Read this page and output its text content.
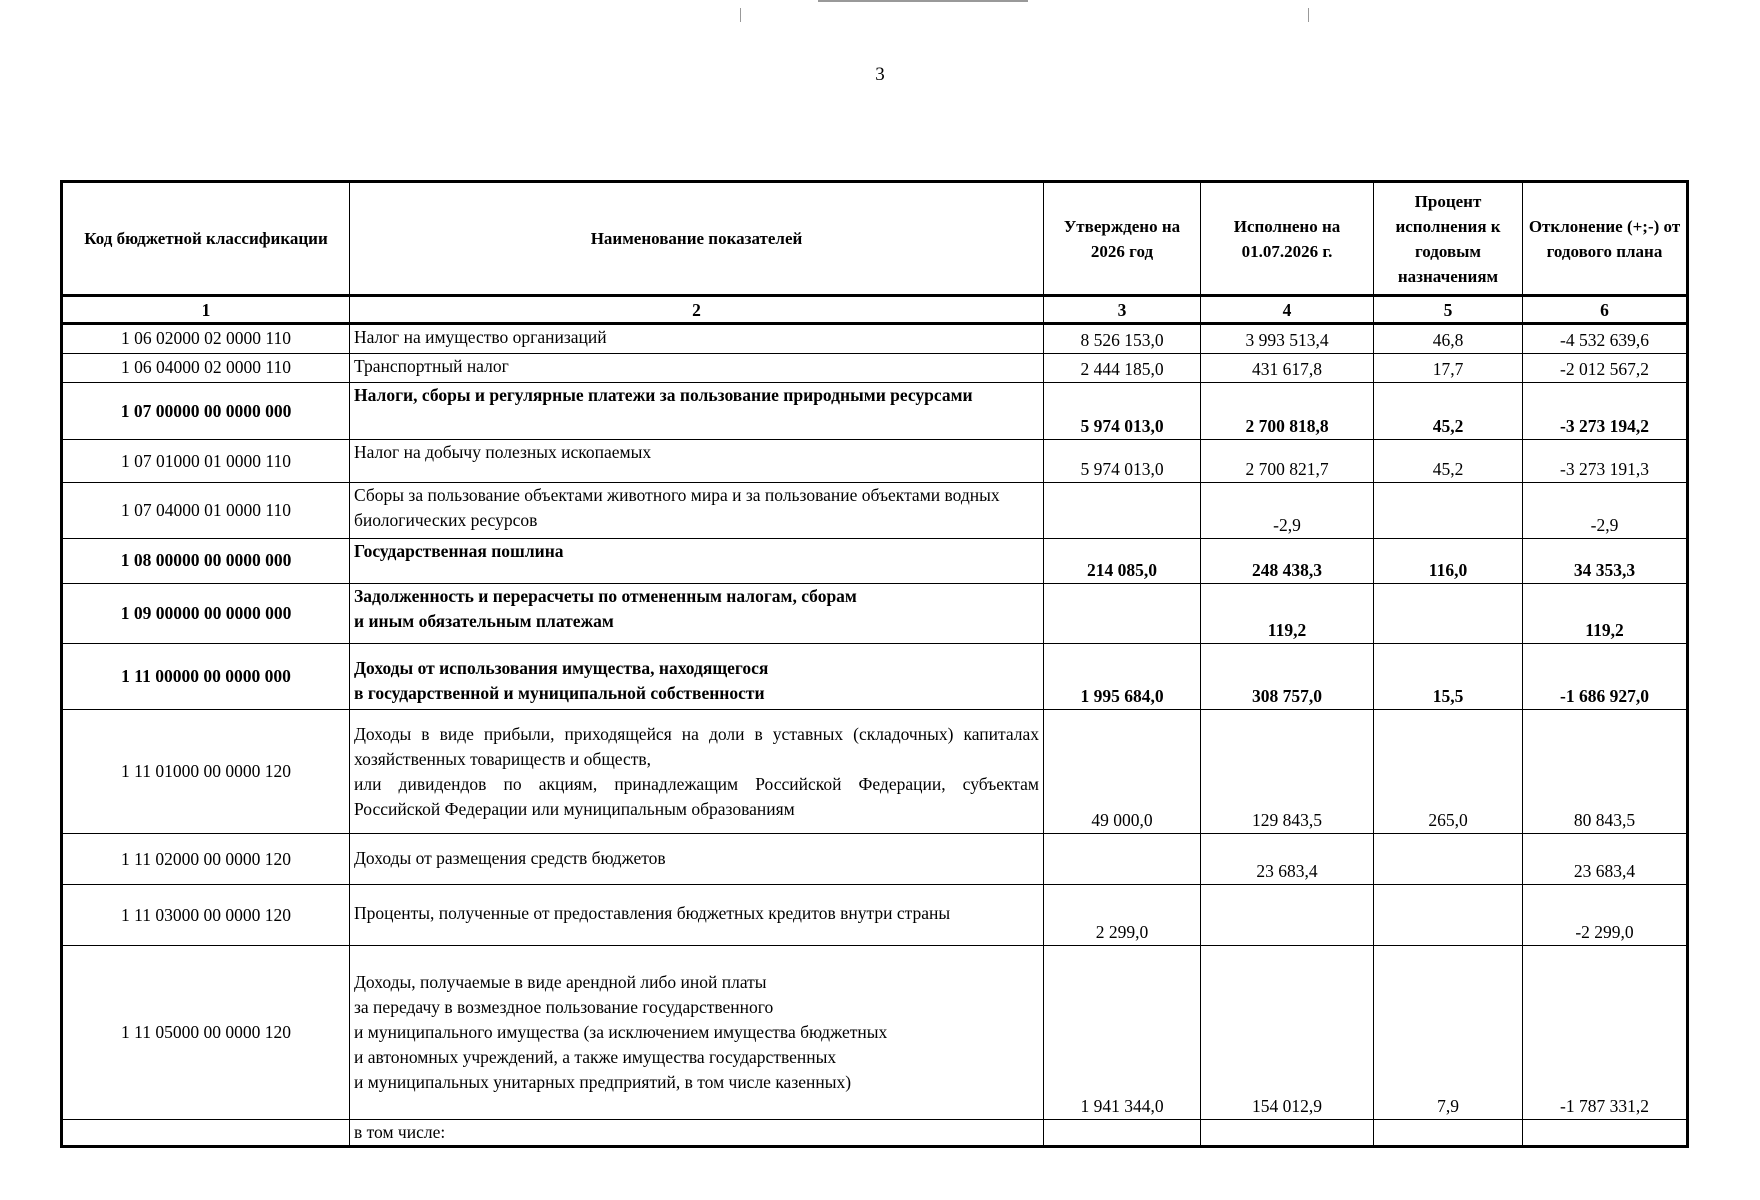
3
Код бюджетной классификации	Наименование показателей	Утверждено на 2026 год	Исполнено на 01.07.2026 г.	Процент исполнения к годовым назначениям	Отклонение (+;-) от годового плана
1	2	3	4	5	6
1 06 02000 02 0000 110	Налог на имущество организаций	8 526 153,0	3 993 513,4	46,8	-4 532 639,6
1 06 04000 02 0000 110	Транспортный налог	2 444 185,0	431 617,8	17,7	-2 012 567,2
1 07 00000 00 0000 000	Налоги, сборы и регулярные платежи за пользование природными ресурсами	5 974 013,0	2 700 818,8	45,2	-3 273 194,2
1 07 01000 01 0000 110	Налог на добычу полезных ископаемых	5 974 013,0	2 700 821,7	45,2	-3 273 191,3
1 07 04000 01 0000 110	Сборы за пользование объектами животного мира и за пользование объектами водных биологических ресурсов		-2,9		-2,9
1 08 00000 00 0000 000	Государственная пошлина	214 085,0	248 438,3	116,0	34 353,3
1 09 00000 00 0000 000	Задолженность и перерасчеты по отмененным налогам, сборам
и иным обязательным платежам		119,2		119,2
1 11 00000 00 0000 000	Доходы от использования имущества, находящегося
в государственной и муниципальной собственности	1 995 684,0	308 757,0	15,5	-1 686 927,0
1 11 01000 00 0000 120	Доходы в виде прибыли, приходящейся на доли в уставных (складочных) капиталах хозяйственных товариществ и обществ,
или дивидендов по акциям, принадлежащим Российской Федерации, субъектам Российской Федерации или муниципальным образованиям	49 000,0	129 843,5	265,0	80 843,5
1 11 02000 00 0000 120	Доходы от размещения средств бюджетов		23 683,4		23 683,4
1 11 03000 00 0000 120	Проценты, полученные от предоставления бюджетных кредитов внутри страны	2 299,0			-2 299,0
1 11 05000 00 0000 120	Доходы, получаемые в виде арендной либо иной платы
за передачу в возмездное пользование государственного
и муниципального имущества (за исключением имущества бюджетных
и автономных учреждений, а также имущества государственных
и муниципальных унитарных предприятий, в том числе казенных)	1 941 344,0	154 012,9	7,9	-1 787 331,2
	в том числе:				
